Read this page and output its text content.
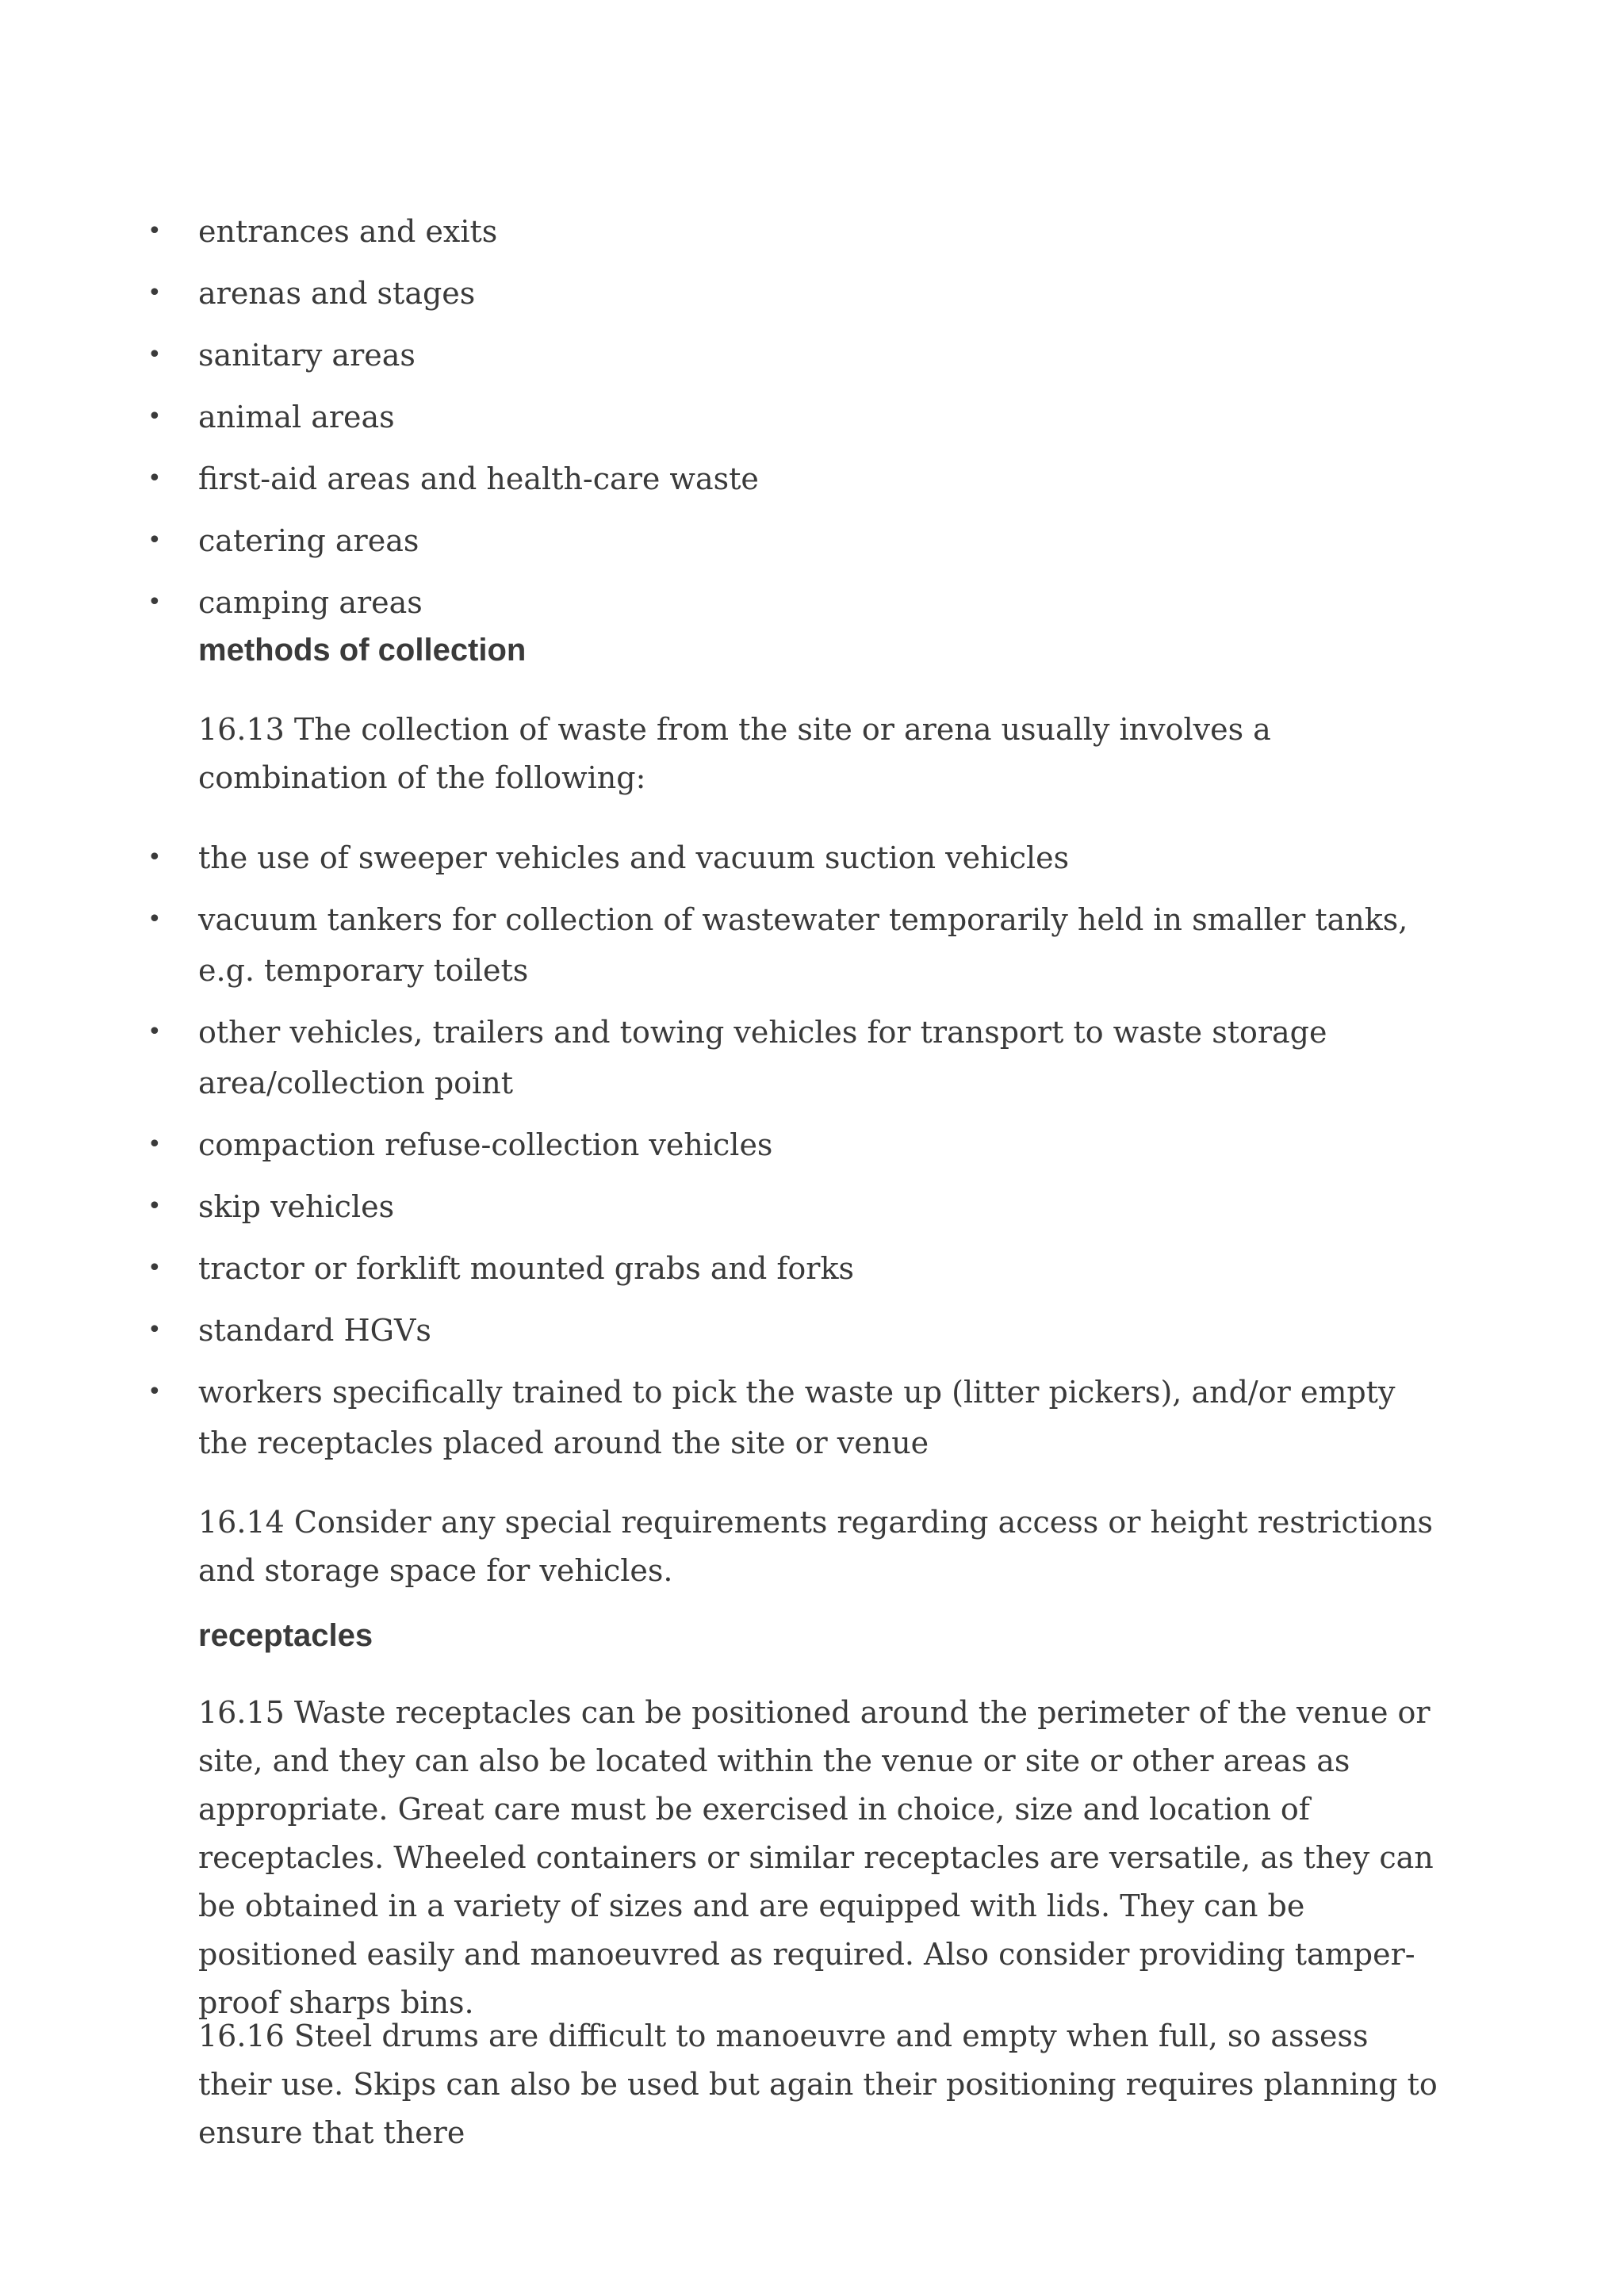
• entrances and exits
• arenas and stages
• sanitary areas
• animal areas
• first-aid areas and health-care waste
• catering areas
• camping areas
methods of collection

16.13 The collection of waste from the site or arena usually involves a combination of the following:

• the use of sweeper vehicles and vacuum suction vehicles
• vacuum tankers for collection of wastewater temporarily held in smaller tanks, e.g. temporary toilets
• other vehicles, trailers and towing vehicles for transport to waste storage area/collection point
• compaction refuse-collection vehicles
• skip vehicles
• tractor or forklift mounted grabs and forks
• standard HGVs
• workers specifically trained to pick the waste up (litter pickers), and/or empty the receptacles placed around the site or venue

16.14 Consider any special requirements regarding access or height restrictions and storage space for vehicles.

receptacles

16.15 Waste receptacles can be positioned around the perimeter of the venue or site, and they can also be located within the venue or site or other areas as appropriate. Great care must be exercised in choice, size and location of receptacles. Wheeled containers or similar receptacles are versatile, as they can be obtained in a variety of sizes and are equipped with lids. They can be positioned easily and manoeuvred as required. Also consider providing tamper-proof sharps bins.

16.16 Steel drums are difficult to manoeuvre and empty when full, so assess their use. Skips can also be used but again their positioning requires planning to ensure that there
